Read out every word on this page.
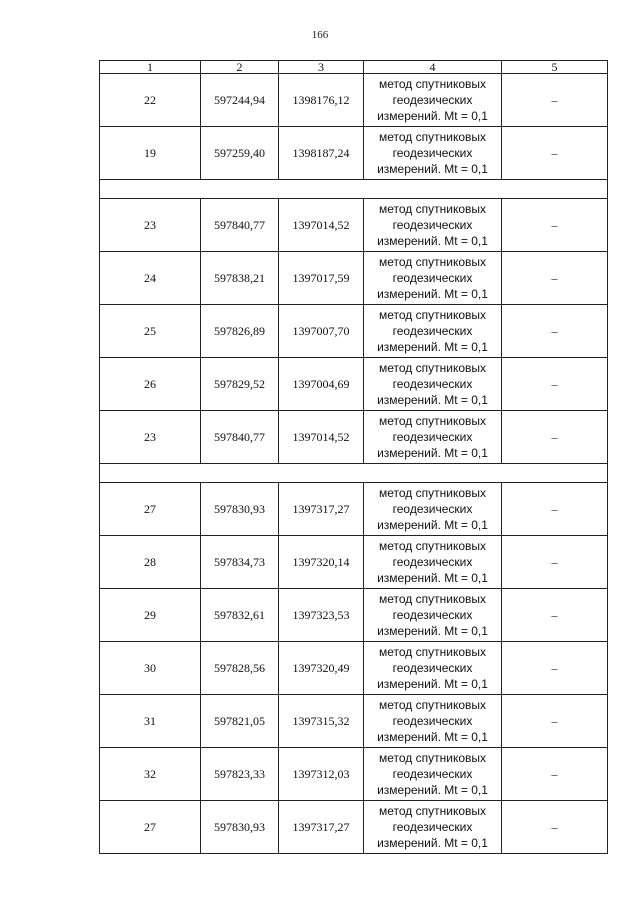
166
1	2	3	4	5
22	597244,94	1398176,12	метод спутниковых
геодезических
измерений. Mt = 0,1	–
19	597259,40	1398187,24	метод спутниковых
геодезических
измерений. Mt = 0,1	–

23	597840,77	1397014,52	метод спутниковых
геодезических
измерений. Mt = 0,1	–
24	597838,21	1397017,59	метод спутниковых
геодезических
измерений. Mt = 0,1	–
25	597826,89	1397007,70	метод спутниковых
геодезических
измерений. Mt = 0,1	–
26	597829,52	1397004,69	метод спутниковых
геодезических
измерений. Mt = 0,1	–
23	597840,77	1397014,52	метод спутниковых
геодезических
измерений. Mt = 0,1	–

27	597830,93	1397317,27	метод спутниковых
геодезических
измерений. Mt = 0,1	–
28	597834,73	1397320,14	метод спутниковых
геодезических
измерений. Mt = 0,1	–
29	597832,61	1397323,53	метод спутниковых
геодезических
измерений. Mt = 0,1	–
30	597828,56	1397320,49	метод спутниковых
геодезических
измерений. Mt = 0,1	–
31	597821,05	1397315,32	метод спутниковых
геодезических
измерений. Mt = 0,1	–
32	597823,33	1397312,03	метод спутниковых
геодезических
измерений. Mt = 0,1	–
27	597830,93	1397317,27	метод спутниковых
геодезических
измерений. Mt = 0,1	–
